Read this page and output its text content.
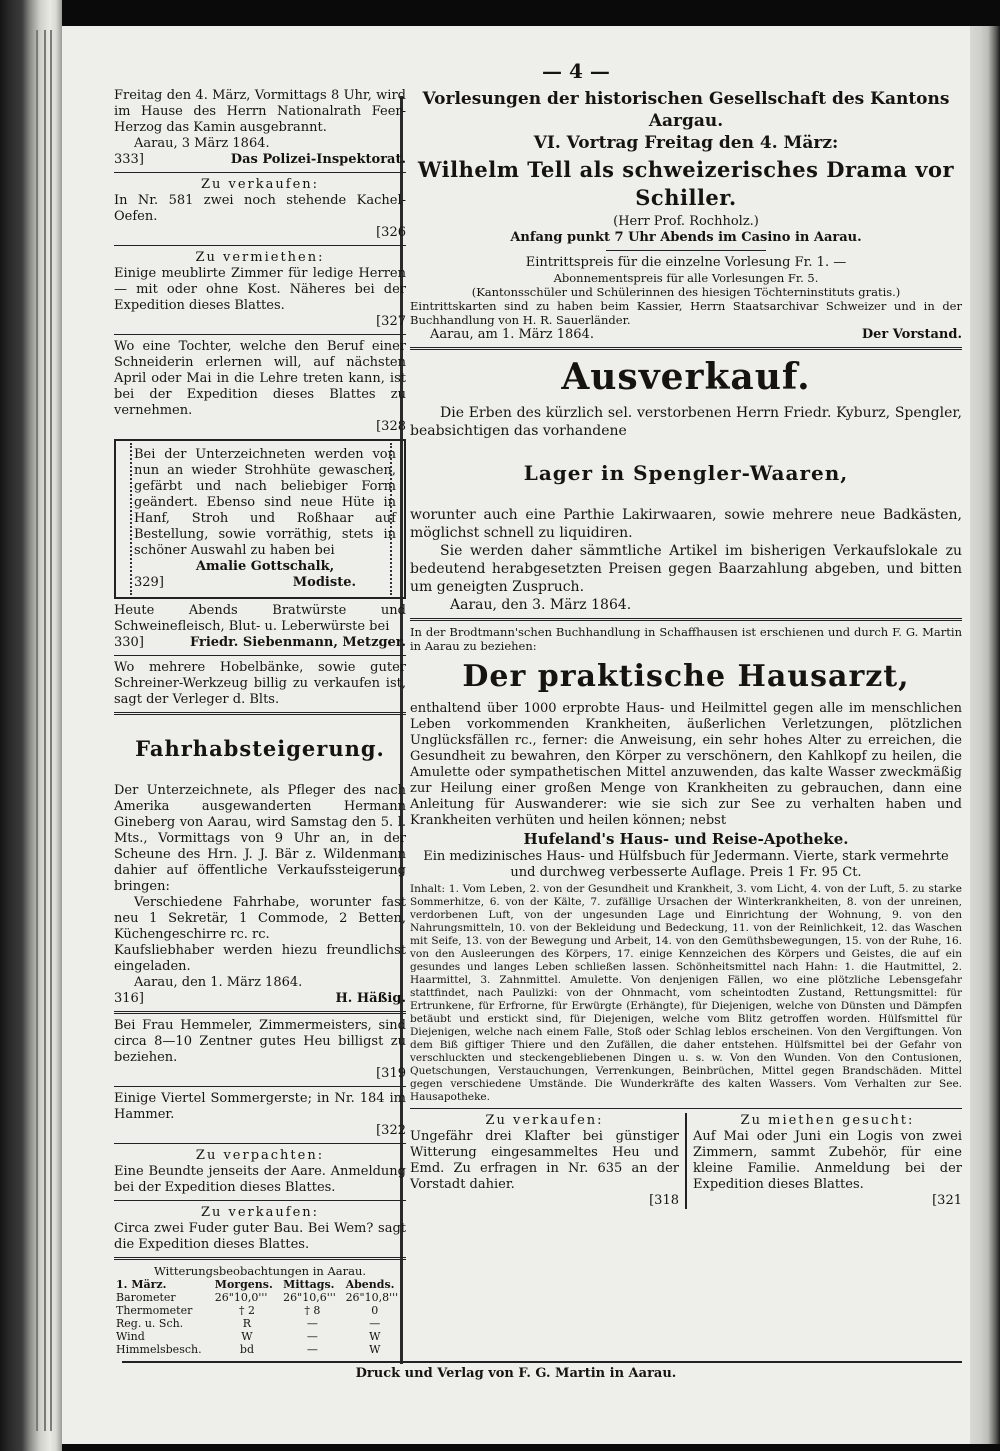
— 4 —

Freitag den 4. März, Vormittags 8 Uhr, wird im Hause des Herrn Nationalrath Feer-Herzog das Kamin ausgebrannt.

Aarau, 3 März 1864.

333]	Das Polizei-Inspektorat.

Zu verkaufen:

In Nr. 581 zwei noch stehende Kachel-Oefen.

[326

Zu vermiethen:

Einige meublirte Zimmer für ledige Herren — mit oder ohne Kost. Näheres bei der Expedition dieses Blattes.

[327

Wo eine Tochter, welche den Beruf einer Schneiderin erlernen will, auf nächsten April oder Mai in die Lehre treten kann, ist bei der Expedition dieses Blattes zu vernehmen.

[328

Bei der Unterzeichneten werden von nun an wieder Strohhüte gewaschen, gefärbt und nach beliebiger Form geändert. Ebenso sind neue Hüte in Hanf, Stroh und Roßhaar auf Bestellung, sowie vorräthig, stets in schöner Auswahl zu haben bei

Amalie Gottschalk,

329]	Modiste.

Heute Abends Bratwürste und Schweinefleisch, Blut- u. Leberwürste bei

330]	Friedr. Siebenmann, Metzger.

Wo mehrere Hobelbänke, sowie guter Schreiner-Werkzeug billig zu verkaufen ist, sagt der Verleger d. Blts.

Fahrhabsteigerung.

Der Unterzeichnete, als Pfleger des nach Amerika ausgewanderten Hermann Gineberg von Aarau, wird Samstag den 5. l. Mts., Vormittags von 9 Uhr an, in der Scheune des Hrn. J. J. Bär z. Wildenmann dahier auf öffentliche Verkaufssteigerung bringen:

Verschiedene Fahrhabe, worunter fast neu 1 Sekretär, 1 Commode, 2 Betten, Küchengeschirre rc. rc.

Kaufsliebhaber werden hiezu freundlichst eingeladen.

Aarau, den 1. März 1864.

316]	H. Häßig.

Bei Frau Hemmeler, Zimmermeisters, sind circa 8—10 Zentner gutes Heu billigst zu beziehen.

[319

Einige Viertel Sommergerste; in Nr. 184 im Hammer.

[322

Zu verpachten:

Eine Beundte jenseits der Aare. Anmeldung bei der Expedition dieses Blattes.

Zu verkaufen:

Circa zwei Fuder guter Bau. Bei Wem? sagt die Expedition dieses Blattes.

Witterungsbeobachtungen in Aarau.

1. März.	Morgens.	Mittags.	Abends.
Barometer	26"10,0'''	26"10,6'''	26"10,8'''
Thermometer	† 2	† 8	0
Reg. u. Sch.	R	—	—
Wind	W	—	W
Himmelsbesch.	bd	—	W

Vorlesungen der historischen Gesellschaft des Kantons Aargau.

VI. Vortrag Freitag den 4. März:

Wilhelm Tell als schweizerisches Drama vor Schiller.

(Herr Prof. Rochholz.)

Anfang punkt 7 Uhr Abends im Casino in Aarau.

Eintrittspreis für die einzelne Vorlesung Fr. 1. —

Abonnementspreis für alle Vorlesungen Fr. 5.

(Kantonsschüler und Schülerinnen des hiesigen Töchterninstituts gratis.)

Eintrittskarten sind zu haben beim Kassier, Herrn Staatsarchivar Schweizer und in der Buchhandlung von H. R. Sauerländer.

Aarau, am 1. März 1864.	Der Vorstand.

Ausverkauf.

Die Erben des kürzlich sel. verstorbenen Herrn Friedr. Kyburz, Spengler, beabsichtigen das vorhandene

Lager in Spengler-Waaren,

worunter auch eine Parthie Lakirwaaren, sowie mehrere neue Badkästen, möglichst schnell zu liquidiren.

Sie werden daher sämmtliche Artikel im bisherigen Verkaufslokale zu bedeutend herabgesetzten Preisen gegen Baarzahlung abgeben, und bitten um geneigten Zuspruch.

Aarau, den 3. März 1864.

In der Brodtmann'schen Buchhandlung in Schaffhausen ist erschienen und durch F. G. Martin in Aarau zu beziehen:

Der praktische Hausarzt,

enthaltend über 1000 erprobte Haus- und Heilmittel gegen alle im menschlichen Leben vorkommenden Krankheiten, äußerlichen Verletzungen, plötzlichen Unglücksfällen rc., ferner: die Anweisung, ein sehr hohes Alter zu erreichen, die Gesundheit zu bewahren, den Körper zu verschönern, den Kahlkopf zu heilen, die Amulette oder sympathetischen Mittel anzuwenden, das kalte Wasser zweckmäßig zur Heilung einer großen Menge von Krankheiten zu gebrauchen, dann eine Anleitung für Auswanderer: wie sie sich zur See zu verhalten haben und Krankheiten verhüten und heilen können; nebst

Hufeland's Haus- und Reise-Apotheke.

Ein medizinisches Haus- und Hülfsbuch für Jedermann. Vierte, stark vermehrte und durchweg verbesserte Auflage. Preis 1 Fr. 95 Ct.

Inhalt: 1. Vom Leben, 2. von der Gesundheit und Krankheit, 3. vom Licht, 4. von der Luft, 5. zu starke Sommerhitze, 6. von der Kälte, 7. zufällige Ursachen der Winterkrankheiten, 8. von der unreinen, verdorbenen Luft, von der ungesunden Lage und Einrichtung der Wohnung, 9. von den Nahrungsmitteln, 10. von der Bekleidung und Bedeckung, 11. von der Reinlichkeit, 12. das Waschen mit Seife, 13. von der Bewegung und Arbeit, 14. von den Gemüthsbewegungen, 15. von der Ruhe, 16. von den Ausleerungen des Körpers, 17. einige Kennzeichen des Körpers und Geistes, die auf ein gesundes und langes Leben schließen lassen. Schönheitsmittel nach Hahn: 1. die Hautmittel, 2. Haarmittel, 3. Zahnmittel. Amulette. Von denjenigen Fällen, wo eine plötzliche Lebensgefahr stattfindet, nach Paulizki: von der Ohnmacht, vom scheintodten Zustand, Rettungsmittel: für Ertrunkene, für Erfrorne, für Erwürgte (Erhängte), für Diejenigen, welche von Dünsten und Dämpfen betäubt und erstickt sind, für Diejenigen, welche vom Blitz getroffen worden. Hülfsmittel für Diejenigen, welche nach einem Falle, Stoß oder Schlag leblos erscheinen. Von den Vergiftungen. Von dem Biß giftiger Thiere und den Zufällen, die daher entstehen. Hülfsmittel bei der Gefahr von verschluckten und steckengebliebenen Dingen u. s. w. Von den Wunden. Von den Contusionen, Quetschungen, Verstauchungen, Verrenkungen, Beinbrüchen, Mittel gegen Brandschäden. Mittel gegen verschiedene Umstände. Die Wunderkräfte des kalten Wassers. Vom Verhalten zur See. Hausapotheke.

Zu verkaufen:

Ungefähr drei Klafter bei günstiger Witterung eingesammeltes Heu und Emd. Zu erfragen in Nr. 635 an der Vorstadt dahier.

[318

Zu miethen gesucht:

Auf Mai oder Juni ein Logis von zwei Zimmern, sammt Zubehör, für eine kleine Familie. Anmeldung bei der Expedition dieses Blattes.

[321

Druck und Verlag von F. G. Martin in Aarau.
